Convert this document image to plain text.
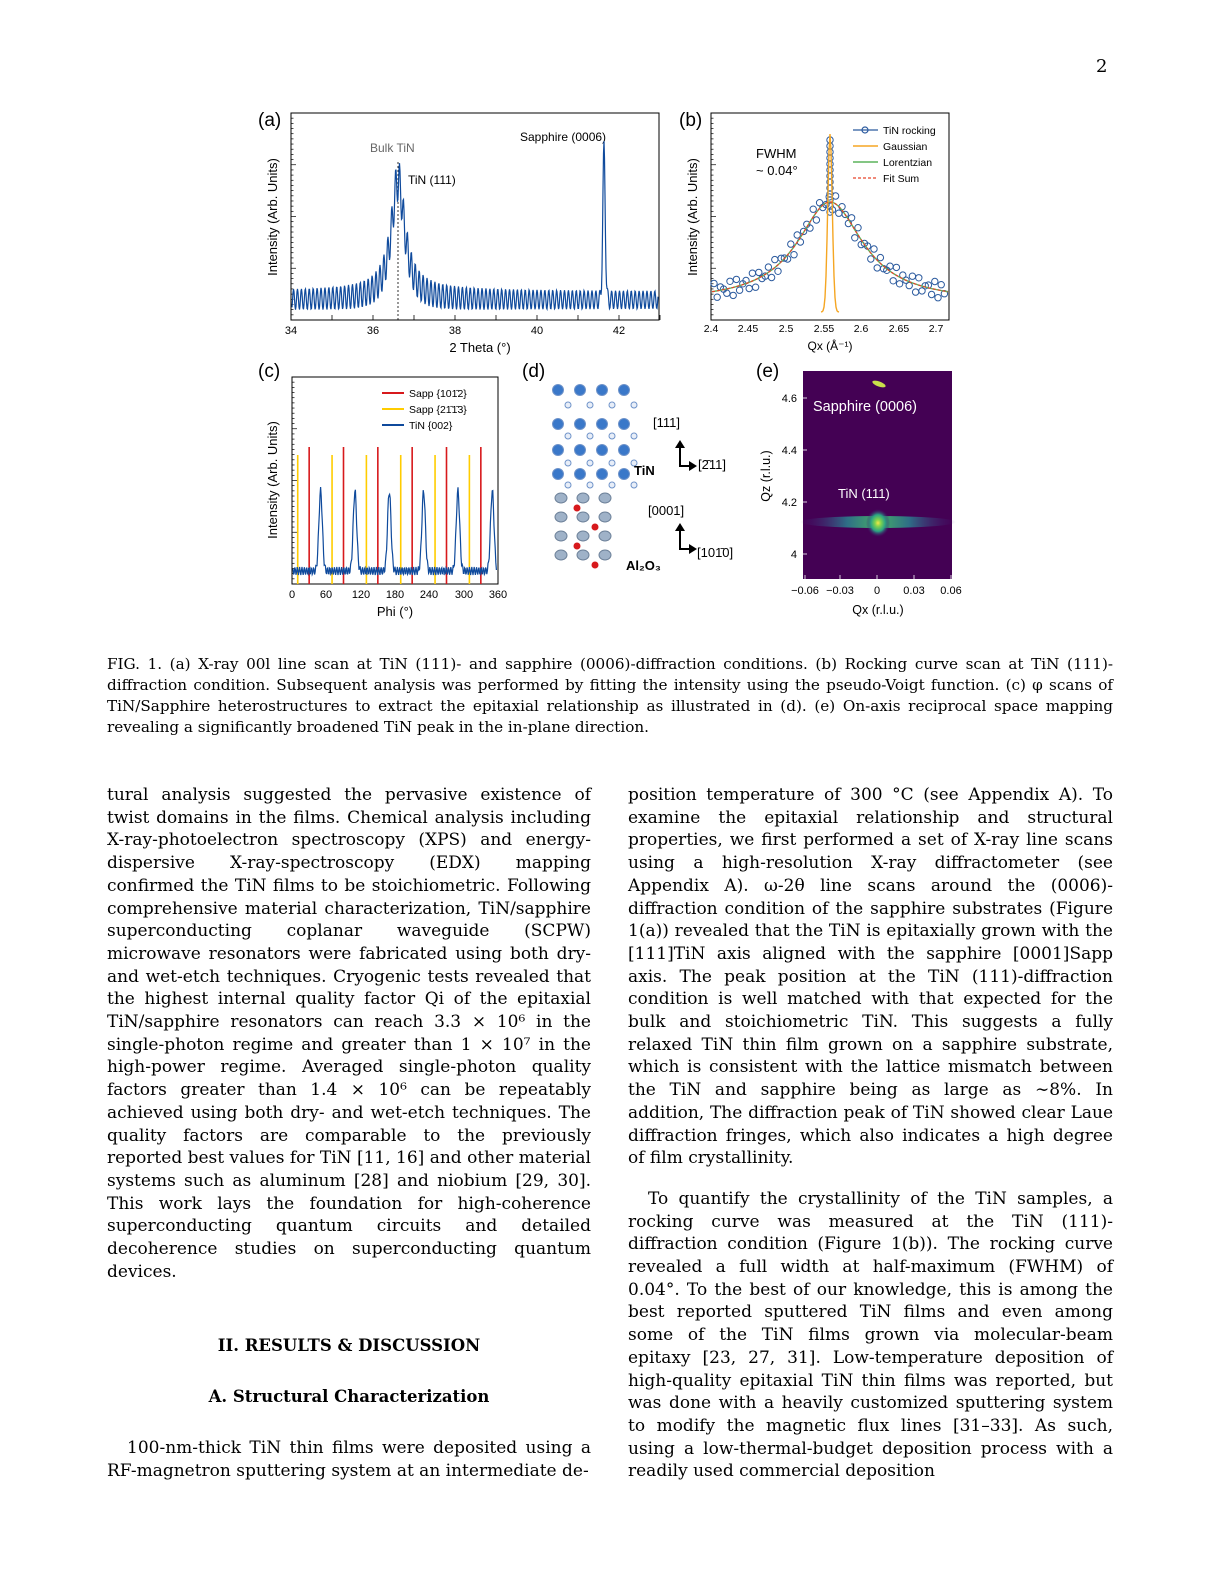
2
(a)
Intensity (Arb. Units)
2 Theta (°)
34	36	38	40	42
Bulk TiN
TiN (111)
Sapphire (0006)
(b)
Intensity (Arb. Units)
Qx (Å⁻¹)
2.4 2.45 2.5 2.55 2.6 2.65 2.7
FWHM
~ 0.04°
TiN rocking
Gaussian
Lorentzian
Fit Sum
(c)
Intensity (Arb. Units)
Phi (°)
0 60 120 180 240 300 360
Sapp {101̄2}
Sapp {21̄1̄3}
TiN {002}
(d)
[111]
[2̄11]
TiN
[0001]
[101̄0]
Al₂O₃
(e)
Sapphire (0006)
TiN (111)
Qz (r.l.u.)
Qx (r.l.u.)
4.6
4.4
4.2
4
−0.06 −0.03 0 0.03 0.06
FIG. 1. (a) X-ray 00l line scan at TiN (111)- and sapphire (0006)-diffraction conditions. (b) Rocking curve scan at TiN (111)-diffraction condition. Subsequent analysis was performed by fitting the intensity using the pseudo-Voigt function. (c) φ scans of TiN/Sapphire heterostructures to extract the epitaxial relationship as illustrated in (d). (e) On-axis reciprocal space mapping revealing a significantly broadened TiN peak in the in-plane direction.

tural analysis suggested the pervasive existence of twist domains in the films. Chemical analysis including X-ray-photoelectron spectroscopy (XPS) and energy-dispersive X-ray-spectroscopy (EDX) mapping confirmed the TiN films to be stoichiometric. Following comprehensive material characterization, TiN/sapphire superconducting coplanar waveguide (SCPW) microwave resonators were fabricated using both dry- and wet-etch techniques. Cryogenic tests revealed that the highest internal quality factor Qi of the epitaxial TiN/sapphire resonators can reach 3.3 × 10⁶ in the single-photon regime and greater than 1 × 10⁷ in the high-power regime. Averaged single-photon quality factors greater than 1.4 × 10⁶ can be repeatably achieved using both dry- and wet-etch techniques. The quality factors are comparable to the previously reported best values for TiN [11, 16] and other material systems such as aluminum [28] and niobium [29, 30]. This work lays the foundation for high-coherence superconducting quantum circuits and detailed decoherence studies on superconducting quantum devices.

II. RESULTS & DISCUSSION

A. Structural Characterization

100-nm-thick TiN thin films were deposited using a RF-magnetron sputtering system at an intermediate de-

position temperature of 300 °C (see Appendix A). To examine the epitaxial relationship and structural properties, we first performed a set of X-ray line scans using a high-resolution X-ray diffractometer (see Appendix A). ω-2θ line scans around the (0006)-diffraction condition of the sapphire substrates (Figure 1(a)) revealed that the TiN is epitaxially grown with the [111]TiN axis aligned with the sapphire [0001]Sapp axis. The peak position at the TiN (111)-diffraction condition is well matched with that expected for the bulk and stoichiometric TiN. This suggests a fully relaxed TiN thin film grown on a sapphire substrate, which is consistent with the lattice mismatch between the TiN and sapphire being as large as ∼8%. In addition, The diffraction peak of TiN showed clear Laue diffraction fringes, which also indicates a high degree of film crystallinity.

To quantify the crystallinity of the TiN samples, a rocking curve was measured at the TiN (111)-diffraction condition (Figure 1(b)). The rocking curve revealed a full width at half-maximum (FWHM) of 0.04°. To the best of our knowledge, this is among the best reported sputtered TiN films and even among some of the TiN films grown via molecular-beam epitaxy [23, 27, 31]. Low-temperature deposition of high-quality epitaxial TiN thin films was reported, but was done with a heavily customized sputtering system to modify the magnetic flux lines [31–33]. As such, using a low-thermal-budget deposition process with a readily used commercial deposition
